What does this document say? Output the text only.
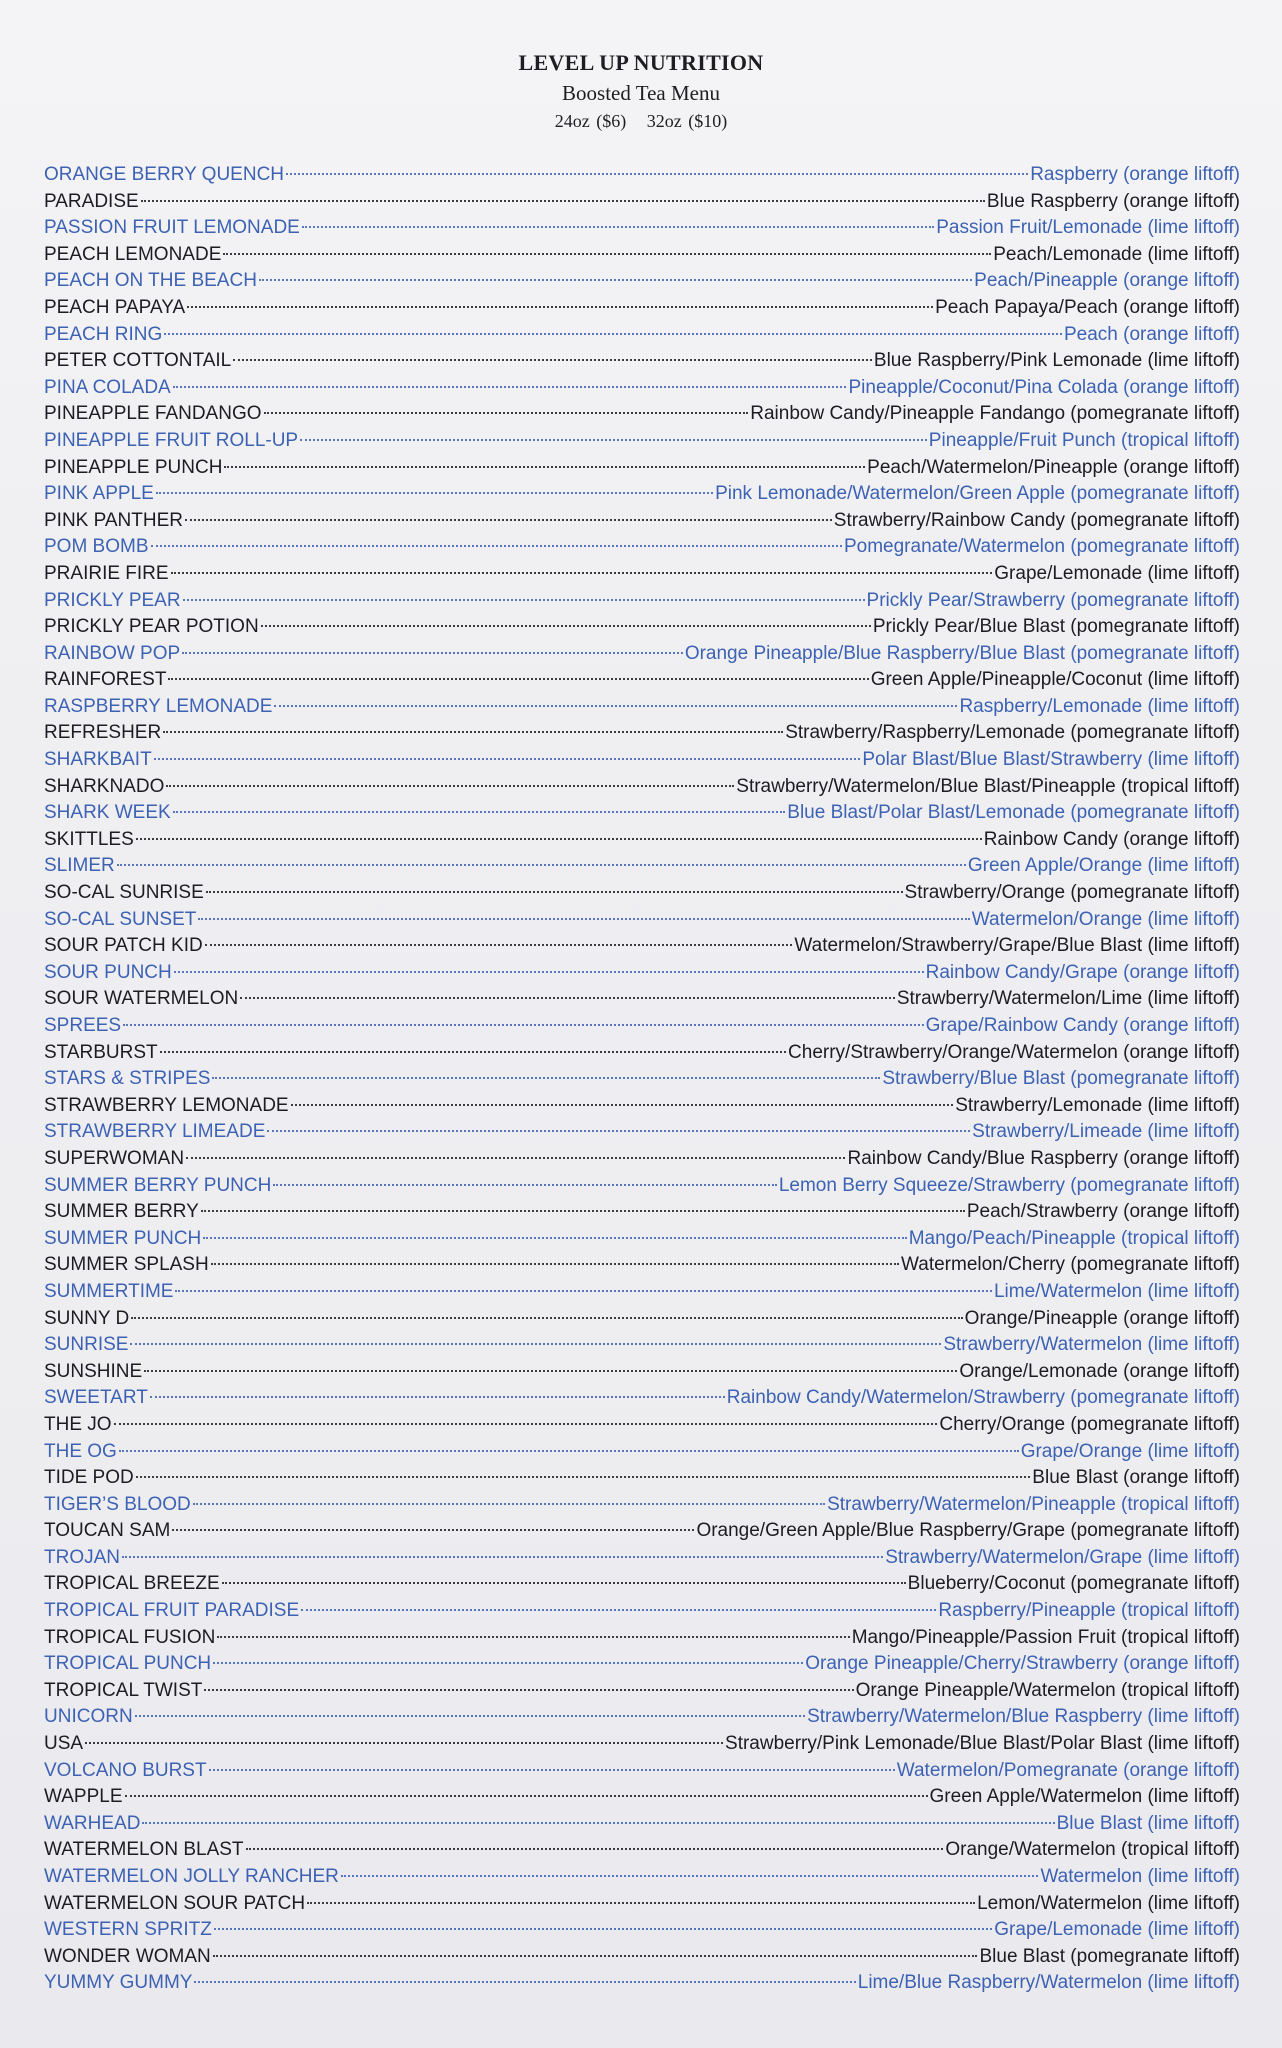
LEVEL UP NUTRITION
Boosted Tea Menu
24oz ($6) 32oz ($10)
ORANGE BERRY QUENCH	Raspberry (orange liftoff)
PARADISE	Blue Raspberry (orange liftoff)
PASSION FRUIT LEMONADE	Passion Fruit/Lemonade (lime liftoff)
PEACH LEMONADE	Peach/Lemonade (lime liftoff)
PEACH ON THE BEACH	Peach/Pineapple (orange liftoff)
PEACH PAPAYA	Peach Papaya/Peach (orange liftoff)
PEACH RING	Peach (orange liftoff)
PETER COTTONTAIL	Blue Raspberry/Pink Lemonade (lime liftoff)
PINA COLADA	Pineapple/Coconut/Pina Colada (orange liftoff)
PINEAPPLE FANDANGO	Rainbow Candy/Pineapple Fandango (pomegranate liftoff)
PINEAPPLE FRUIT ROLL-UP	Pineapple/Fruit Punch (tropical liftoff)
PINEAPPLE PUNCH	Peach/Watermelon/Pineapple (orange liftoff)
PINK APPLE	Pink Lemonade/Watermelon/Green Apple (pomegranate liftoff)
PINK PANTHER	Strawberry/Rainbow Candy (pomegranate liftoff)
POM BOMB	Pomegranate/Watermelon (pomegranate liftoff)
PRAIRIE FIRE	Grape/Lemonade (lime liftoff)
PRICKLY PEAR	Prickly Pear/Strawberry (pomegranate liftoff)
PRICKLY PEAR POTION	Prickly Pear/Blue Blast (pomegranate liftoff)
RAINBOW POP	Orange Pineapple/Blue Raspberry/Blue Blast (pomegranate liftoff)
RAINFOREST	Green Apple/Pineapple/Coconut (lime liftoff)
RASPBERRY LEMONADE	Raspberry/Lemonade (lime liftoff)
REFRESHER	Strawberry/Raspberry/Lemonade (pomegranate liftoff)
SHARKBAIT	Polar Blast/Blue Blast/Strawberry (lime liftoff)
SHARKNADO	Strawberry/Watermelon/Blue Blast/Pineapple (tropical liftoff)
SHARK WEEK	Blue Blast/Polar Blast/Lemonade (pomegranate liftoff)
SKITTLES	Rainbow Candy (orange liftoff)
SLIMER	Green Apple/Orange (lime liftoff)
SO-CAL SUNRISE	Strawberry/Orange (pomegranate liftoff)
SO-CAL SUNSET	Watermelon/Orange (lime liftoff)
SOUR PATCH KID	Watermelon/Strawberry/Grape/Blue Blast (lime liftoff)
SOUR PUNCH	Rainbow Candy/Grape (orange liftoff)
SOUR WATERMELON	Strawberry/Watermelon/Lime (lime liftoff)
SPREES	Grape/Rainbow Candy (orange liftoff)
STARBURST	Cherry/Strawberry/Orange/Watermelon (orange liftoff)
STARS & STRIPES	Strawberry/Blue Blast (pomegranate liftoff)
STRAWBERRY LEMONADE	Strawberry/Lemonade (lime liftoff)
STRAWBERRY LIMEADE	Strawberry/Limeade (lime liftoff)
SUPERWOMAN	Rainbow Candy/Blue Raspberry (orange liftoff)
SUMMER BERRY PUNCH	Lemon Berry Squeeze/Strawberry (pomegranate liftoff)
SUMMER BERRY	Peach/Strawberry (orange liftoff)
SUMMER PUNCH	Mango/Peach/Pineapple (tropical liftoff)
SUMMER SPLASH	Watermelon/Cherry (pomegranate liftoff)
SUMMERTIME	Lime/Watermelon (lime liftoff)
SUNNY D	Orange/Pineapple (orange liftoff)
SUNRISE	Strawberry/Watermelon (lime liftoff)
SUNSHINE	Orange/Lemonade (orange liftoff)
SWEETART	Rainbow Candy/Watermelon/Strawberry (pomegranate liftoff)
THE JO	Cherry/Orange (pomegranate liftoff)
THE OG	Grape/Orange (lime liftoff)
TIDE POD	Blue Blast (orange liftoff)
TIGER’S BLOOD	Strawberry/Watermelon/Pineapple (tropical liftoff)
TOUCAN SAM	Orange/Green Apple/Blue Raspberry/Grape (pomegranate liftoff)
TROJAN	Strawberry/Watermelon/Grape (lime liftoff)
TROPICAL BREEZE	Blueberry/Coconut (pomegranate liftoff)
TROPICAL FRUIT PARADISE	Raspberry/Pineapple (tropical liftoff)
TROPICAL FUSION	Mango/Pineapple/Passion Fruit (tropical liftoff)
TROPICAL PUNCH	Orange Pineapple/Cherry/Strawberry (orange liftoff)
TROPICAL TWIST	Orange Pineapple/Watermelon (tropical liftoff)
UNICORN	Strawberry/Watermelon/Blue Raspberry (lime liftoff)
USA	Strawberry/Pink Lemonade/Blue Blast/Polar Blast (lime liftoff)
VOLCANO BURST	Watermelon/Pomegranate (orange liftoff)
WAPPLE	Green Apple/Watermelon (lime liftoff)
WARHEAD	Blue Blast (lime liftoff)
WATERMELON BLAST	Orange/Watermelon (tropical liftoff)
WATERMELON JOLLY RANCHER	Watermelon (lime liftoff)
WATERMELON SOUR PATCH	Lemon/Watermelon (lime liftoff)
WESTERN SPRITZ	Grape/Lemonade (lime liftoff)
WONDER WOMAN	Blue Blast (pomegranate liftoff)
YUMMY GUMMY	Lime/Blue Raspberry/Watermelon (lime liftoff)
